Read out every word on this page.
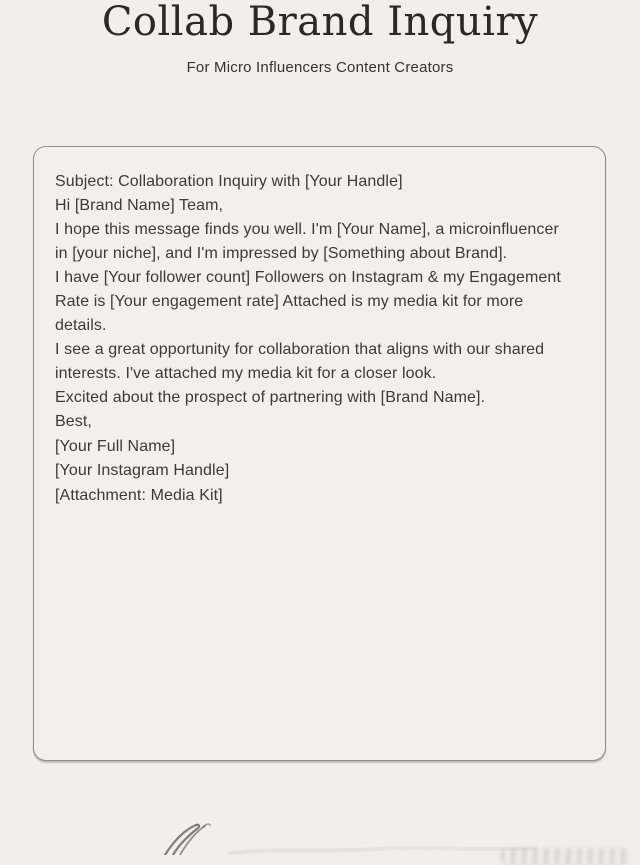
Collab Brand Inquiry
For Micro Influencers Content Creators

Subject: Collaboration Inquiry with [Your Handle]

Hi [Brand Name] Team,

I hope this message finds you well. I'm [Your Name], a microinfluencer in [your niche], and I'm impressed by [Something about Brand].

I have [Your follower count] Followers on Instagram & my Engagement Rate is [Your engagement rate] Attached is my media kit for more details.

I see a great opportunity for collaboration that aligns with our shared interests. I've attached my media kit for a closer look.

Excited about the prospect of partnering with [Brand Name].

Best,
[Your Full Name]
[Your Instagram Handle]
[Attachment: Media Kit]
